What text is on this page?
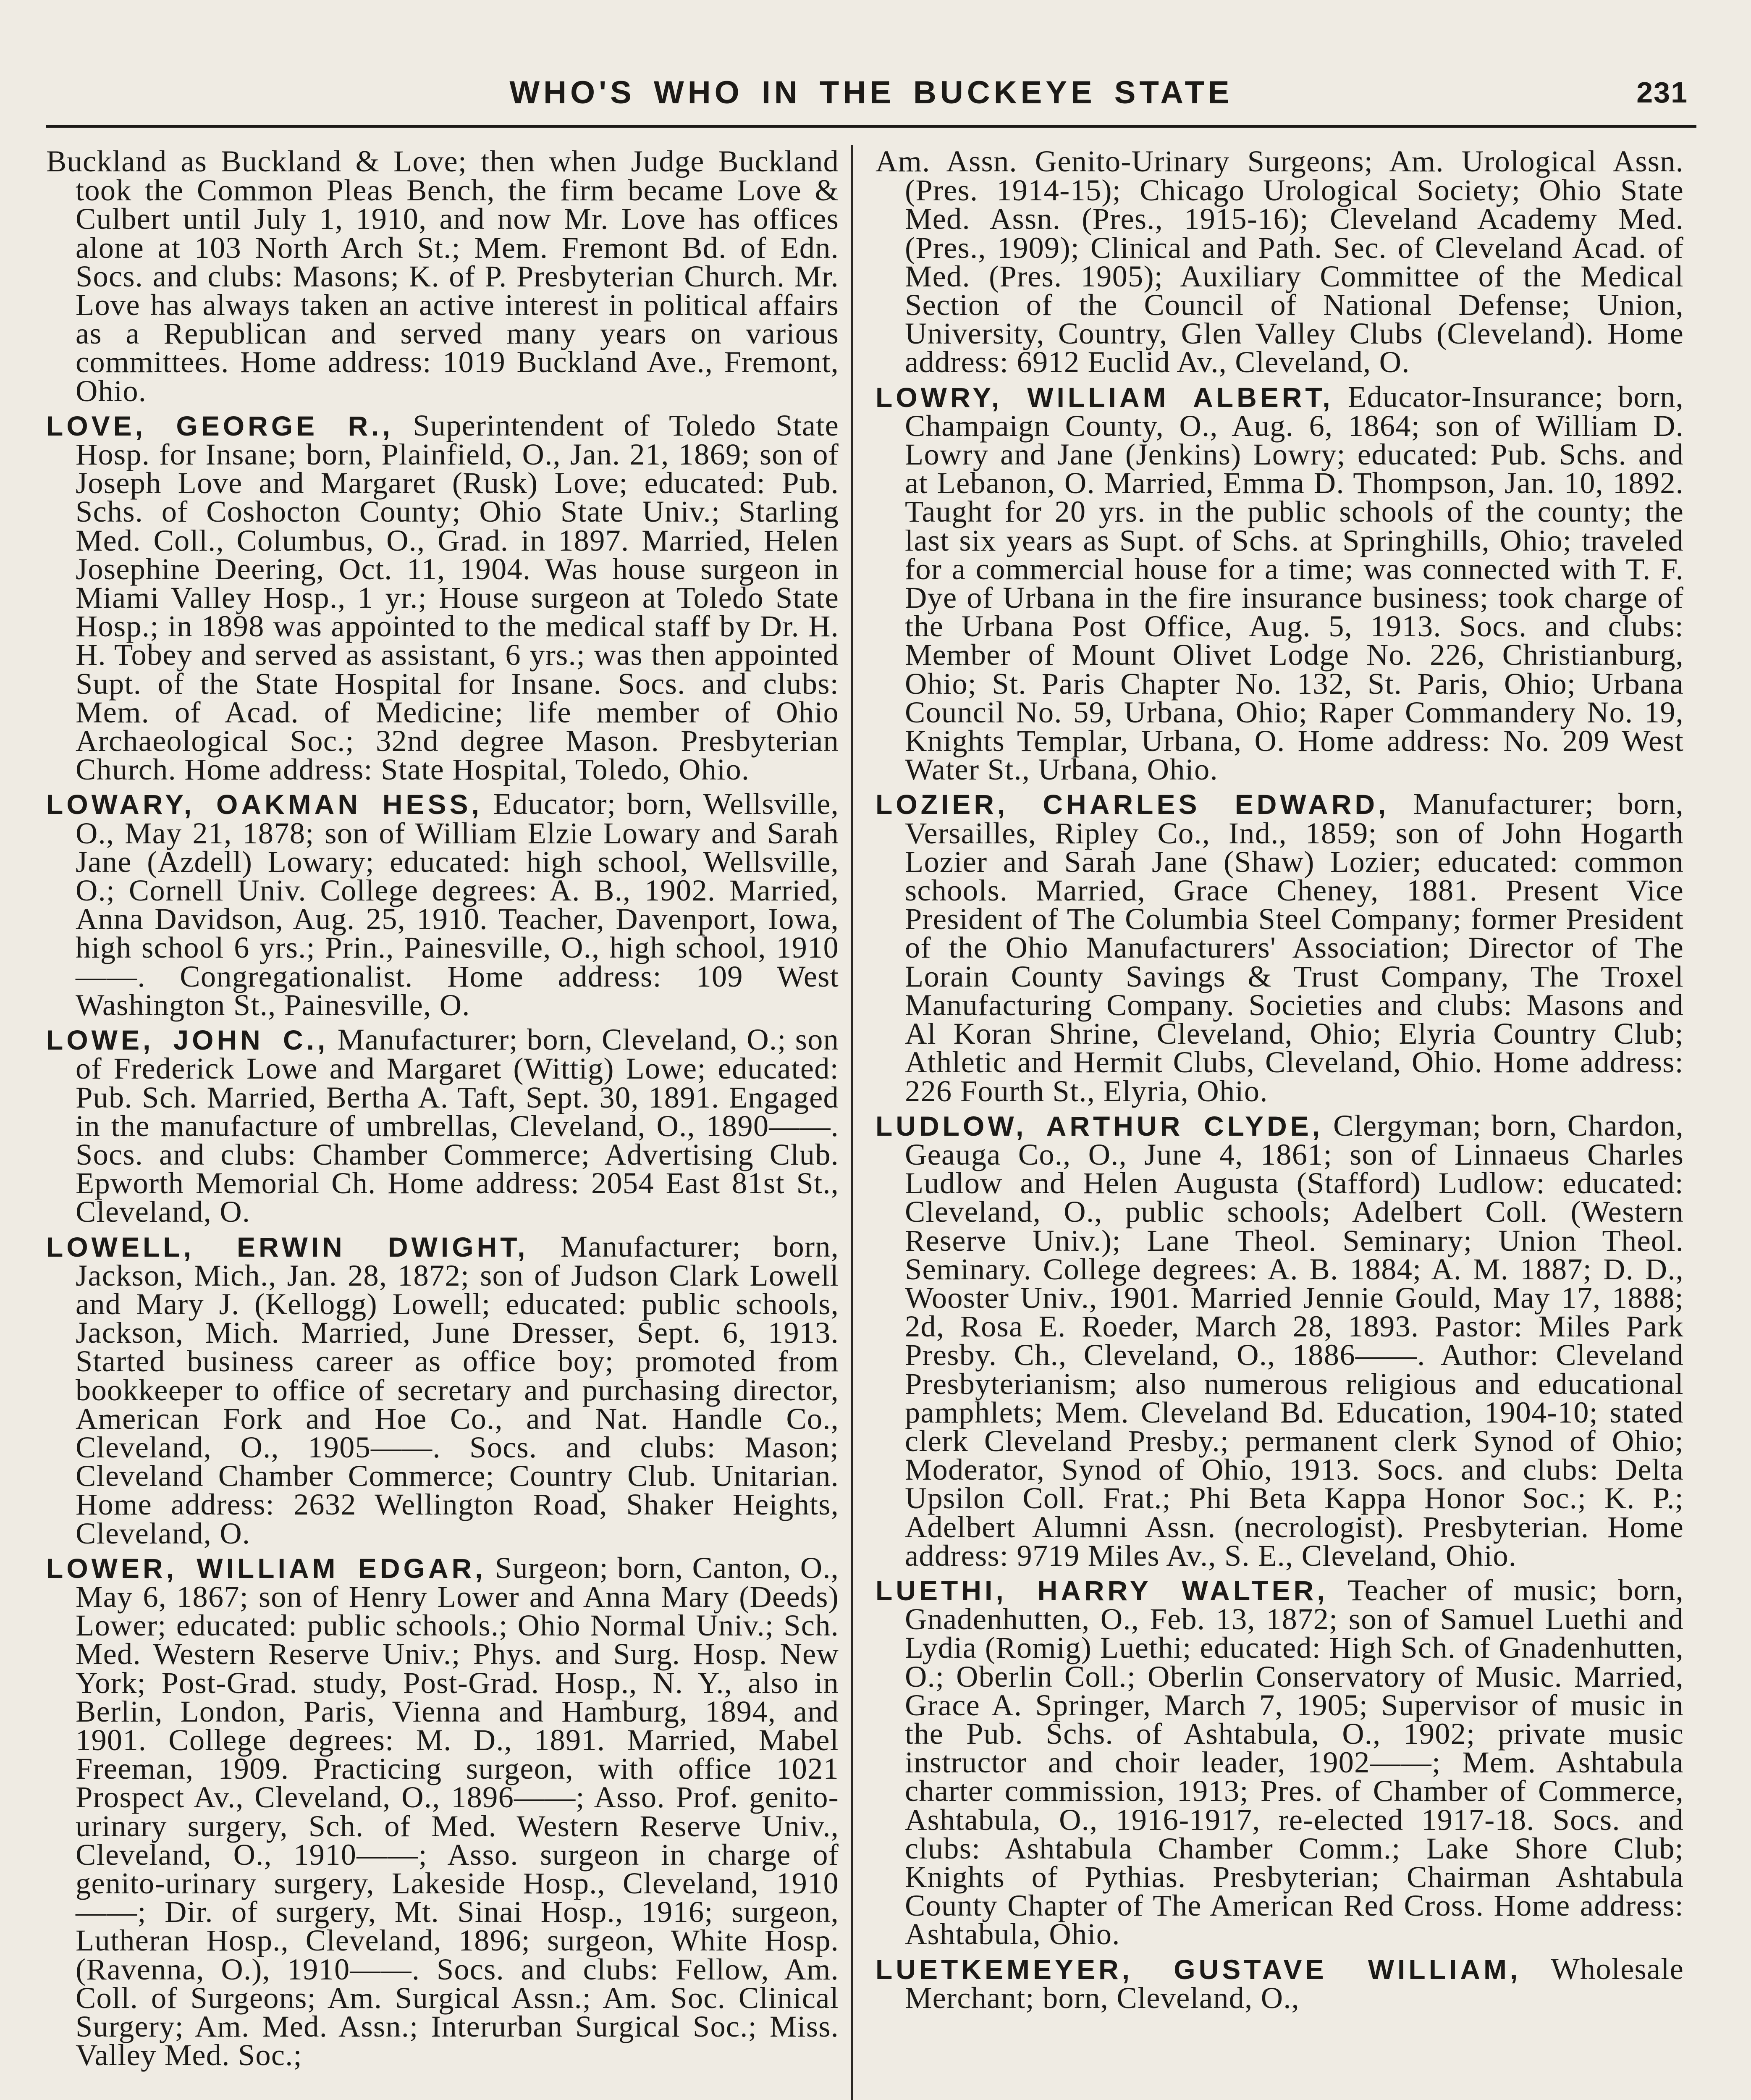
WHO'S WHO IN THE BUCKEYE STATE	231

Buckland as Buckland & Love; then when Judge Buckland took the Common Pleas Bench, the firm became Love & Culbert until July 1, 1910, and now Mr. Love has offices alone at 103 North Arch St.; Mem. Fremont Bd. of Edn. Socs. and clubs: Masons; K. of P. Presbyterian Church. Mr. Love has always taken an active interest in political affairs as a Republican and served many years on various committees. Home address: 1019 Buckland Ave., Fremont, Ohio.

LOVE, GEORGE R., Superintendent of Toledo State Hosp. for Insane; born, Plainfield, O., Jan. 21, 1869; son of Joseph Love and Margaret (Rusk) Love; educated: Pub. Schs. of Coshocton County; Ohio State Univ.; Starling Med. Coll., Columbus, O., Grad. in 1897. Married, Helen Josephine Deering, Oct. 11, 1904. Was house surgeon in Miami Valley Hosp., 1 yr.; House surgeon at Toledo State Hosp.; in 1898 was appointed to the medical staff by Dr. H. H. Tobey and served as assistant, 6 yrs.; was then appointed Supt. of the State Hospital for Insane. Socs. and clubs: Mem. of Acad. of Medicine; life member of Ohio Archaeological Soc.; 32nd degree Mason. Presbyterian Church. Home address: State Hospital, Toledo, Ohio.

LOWARY, OAKMAN HESS, Educator; born, Wellsville, O., May 21, 1878; son of William Elzie Lowary and Sarah Jane (Azdell) Lowary; educated: high school, Wellsville, O.; Cornell Univ. College degrees: A. B., 1902. Married, Anna Davidson, Aug. 25, 1910. Teacher, Davenport, Iowa, high school 6 yrs.; Prin., Painesville, O., high school, 1910——. Congregationalist. Home address: 109 West Washington St., Painesville, O.

LOWE, JOHN C., Manufacturer; born, Cleveland, O.; son of Frederick Lowe and Margaret (Wittig) Lowe; educated: Pub. Sch. Married, Bertha A. Taft, Sept. 30, 1891. Engaged in the manufacture of umbrellas, Cleveland, O., 1890——. Socs. and clubs: Chamber Commerce; Advertising Club. Epworth Memorial Ch. Home address: 2054 East 81st St., Cleveland, O.

LOWELL, ERWIN DWIGHT, Manufacturer; born, Jackson, Mich., Jan. 28, 1872; son of Judson Clark Lowell and Mary J. (Kellogg) Lowell; educated: public schools, Jackson, Mich. Married, June Dresser, Sept. 6, 1913. Started business career as office boy; promoted from bookkeeper to office of secretary and purchasing director, American Fork and Hoe Co., and Nat. Handle Co., Cleveland, O., 1905——. Socs. and clubs: Mason; Cleveland Chamber Commerce; Country Club. Unitarian. Home address: 2632 Wellington Road, Shaker Heights, Cleveland, O.

LOWER, WILLIAM EDGAR, Surgeon; born, Canton, O., May 6, 1867; son of Henry Lower and Anna Mary (Deeds) Lower; educated: public schools.; Ohio Normal Univ.; Sch. Med. Western Reserve Univ.; Phys. and Surg. Hosp. New York; Post-Grad. study, Post-Grad. Hosp., N. Y., also in Berlin, London, Paris, Vienna and Hamburg, 1894, and 1901. College degrees: M. D., 1891. Married, Mabel Freeman, 1909. Practicing surgeon, with office 1021 Prospect Av., Cleveland, O., 1896——; Asso. Prof. genito-urinary surgery, Sch. of Med. Western Reserve Univ., Cleveland, O., 1910——; Asso. surgeon in charge of genito-urinary surgery, Lakeside Hosp., Cleveland, 1910——; Dir. of surgery, Mt. Sinai Hosp., 1916; surgeon, Lutheran Hosp., Cleveland, 1896; surgeon, White Hosp. (Ravenna, O.), 1910——. Socs. and clubs: Fellow, Am. Coll. of Surgeons; Am. Surgical Assn.; Am. Soc. Clinical Surgery; Am. Med. Assn.; Interurban Surgical Soc.; Miss. Valley Med. Soc.;

Am. Assn. Genito-Urinary Surgeons; Am. Urological Assn. (Pres. 1914-15); Chicago Urological Society; Ohio State Med. Assn. (Pres., 1915-16); Cleveland Academy Med. (Pres., 1909); Clinical and Path. Sec. of Cleveland Acad. of Med. (Pres. 1905); Auxiliary Committee of the Medical Section of the Council of National Defense; Union, University, Country, Glen Valley Clubs (Cleveland). Home address: 6912 Euclid Av., Cleveland, O.

LOWRY, WILLIAM ALBERT, Educator-Insurance; born, Champaign County, O., Aug. 6, 1864; son of William D. Lowry and Jane (Jenkins) Lowry; educated: Pub. Schs. and at Lebanon, O. Married, Emma D. Thompson, Jan. 10, 1892. Taught for 20 yrs. in the public schools of the county; the last six years as Supt. of Schs. at Springhills, Ohio; traveled for a commercial house for a time; was connected with T. F. Dye of Urbana in the fire insurance business; took charge of the Urbana Post Office, Aug. 5, 1913. Socs. and clubs: Member of Mount Olivet Lodge No. 226, Christianburg, Ohio; St. Paris Chapter No. 132, St. Paris, Ohio; Urbana Council No. 59, Urbana, Ohio; Raper Commandery No. 19, Knights Templar, Urbana, O. Home address: No. 209 West Water St., Urbana, Ohio.

LOZIER, CHARLES EDWARD, Manufacturer; born, Versailles, Ripley Co., Ind., 1859; son of John Hogarth Lozier and Sarah Jane (Shaw) Lozier; educated: common schools. Married, Grace Cheney, 1881. Present Vice President of The Columbia Steel Company; former President of the Ohio Manufacturers' Association; Director of The Lorain County Savings & Trust Company, The Troxel Manufacturing Company. Societies and clubs: Masons and Al Koran Shrine, Cleveland, Ohio; Elyria Country Club; Athletic and Hermit Clubs, Cleveland, Ohio. Home address: 226 Fourth St., Elyria, Ohio.

LUDLOW, ARTHUR CLYDE, Clergyman; born, Chardon, Geauga Co., O., June 4, 1861; son of Linnaeus Charles Ludlow and Helen Augusta (Stafford) Ludlow: educated: Cleveland, O., public schools; Adelbert Coll. (Western Reserve Univ.); Lane Theol. Seminary; Union Theol. Seminary. College degrees: A. B. 1884; A. M. 1887; D. D., Wooster Univ., 1901. Married Jennie Gould, May 17, 1888; 2d, Rosa E. Roeder, March 28, 1893. Pastor: Miles Park Presby. Ch., Cleveland, O., 1886——. Author: Cleveland Presbyterianism; also numerous religious and educational pamphlets; Mem. Cleveland Bd. Education, 1904-10; stated clerk Cleveland Presby.; permanent clerk Synod of Ohio; Moderator, Synod of Ohio, 1913. Socs. and clubs: Delta Upsilon Coll. Frat.; Phi Beta Kappa Honor Soc.; K. P.; Adelbert Alumni Assn. (necrologist). Presbyterian. Home address: 9719 Miles Av., S. E., Cleveland, Ohio.

LUETHI, HARRY WALTER, Teacher of music; born, Gnadenhutten, O., Feb. 13, 1872; son of Samuel Luethi and Lydia (Romig) Luethi; educated: High Sch. of Gnadenhutten, O.; Oberlin Coll.; Oberlin Conservatory of Music. Married, Grace A. Springer, March 7, 1905; Supervisor of music in the Pub. Schs. of Ashtabula, O., 1902; private music instructor and choir leader, 1902——; Mem. Ashtabula charter commission, 1913; Pres. of Chamber of Commerce, Ashtabula, O., 1916-1917, re-elected 1917-18. Socs. and clubs: Ashtabula Chamber Comm.; Lake Shore Club; Knights of Pythias. Presbyterian; Chairman Ashtabula County Chapter of The American Red Cross. Home address: Ashtabula, Ohio.

LUETKEMEYER, GUSTAVE WILLIAM, Wholesale Merchant; born, Cleveland, O.,
